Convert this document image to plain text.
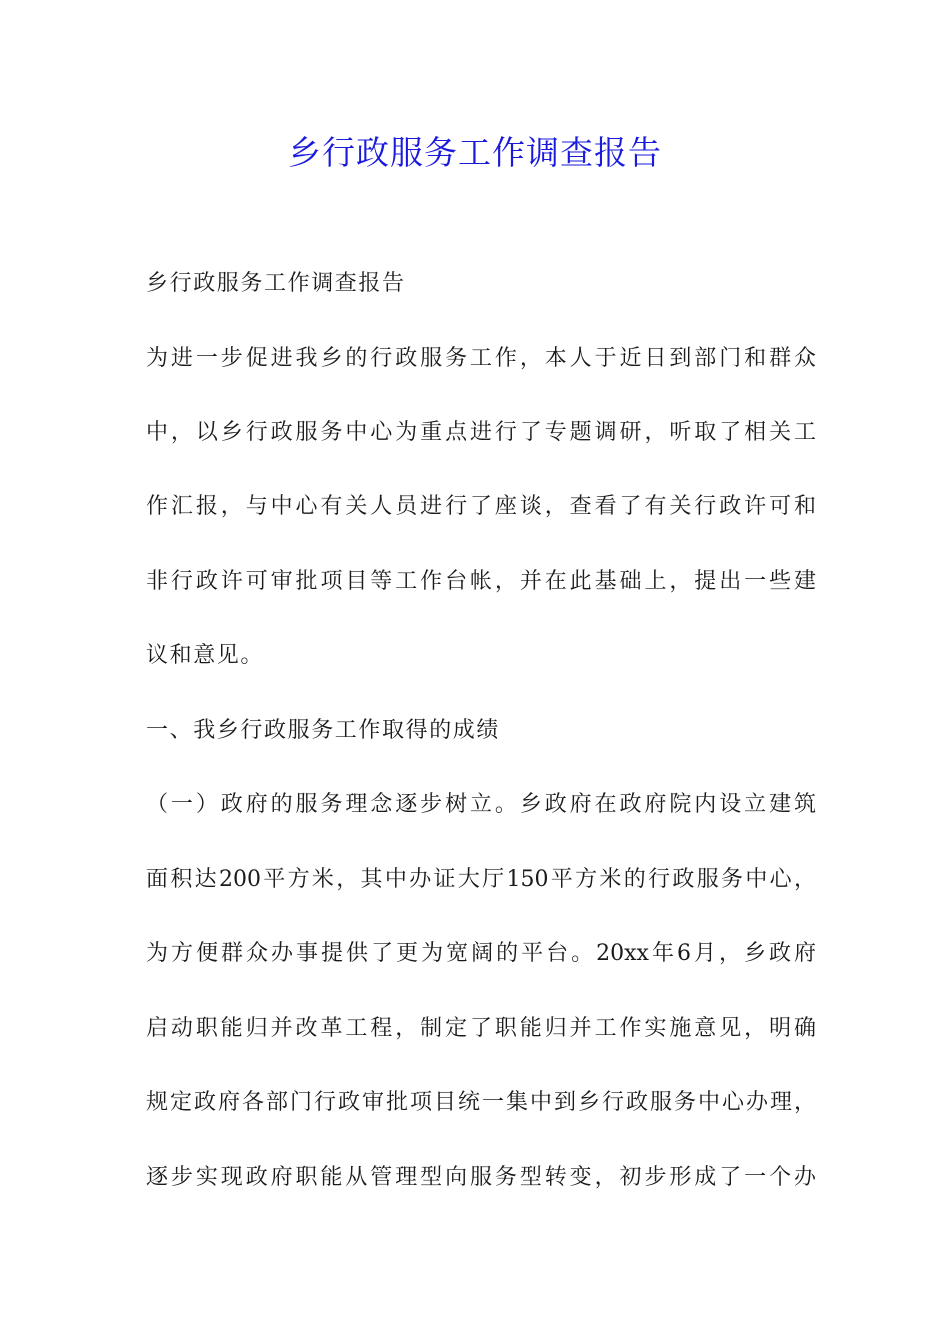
乡行政服务工作调查报告
乡行政服务工作调查报告
为进一步促进我乡的行政服务工作，本人于近日到部门和群众
中，以乡行政服务中心为重点进行了专题调研，听取了相关工
作汇报，与中心有关人员进行了座谈，查看了有关行政许可和
非行政许可审批项目等工作台帐，并在此基础上，提出一些建
议和意见。
一、我乡行政服务工作取得的成绩
（一）政府的服务理念逐步树立。乡政府在政府院内设立建筑
面积达200平方米，其中办证大厅150平方米的行政服务中心，
为方便群众办事提供了更为宽阔的平台。20xx年6月，乡政府
启动职能归并改革工程，制定了职能归并工作实施意见，明确
规定政府各部门行政审批项目统一集中到乡行政服务中心办理，
逐步实现政府职能从管理型向服务型转变，初步形成了一个办
